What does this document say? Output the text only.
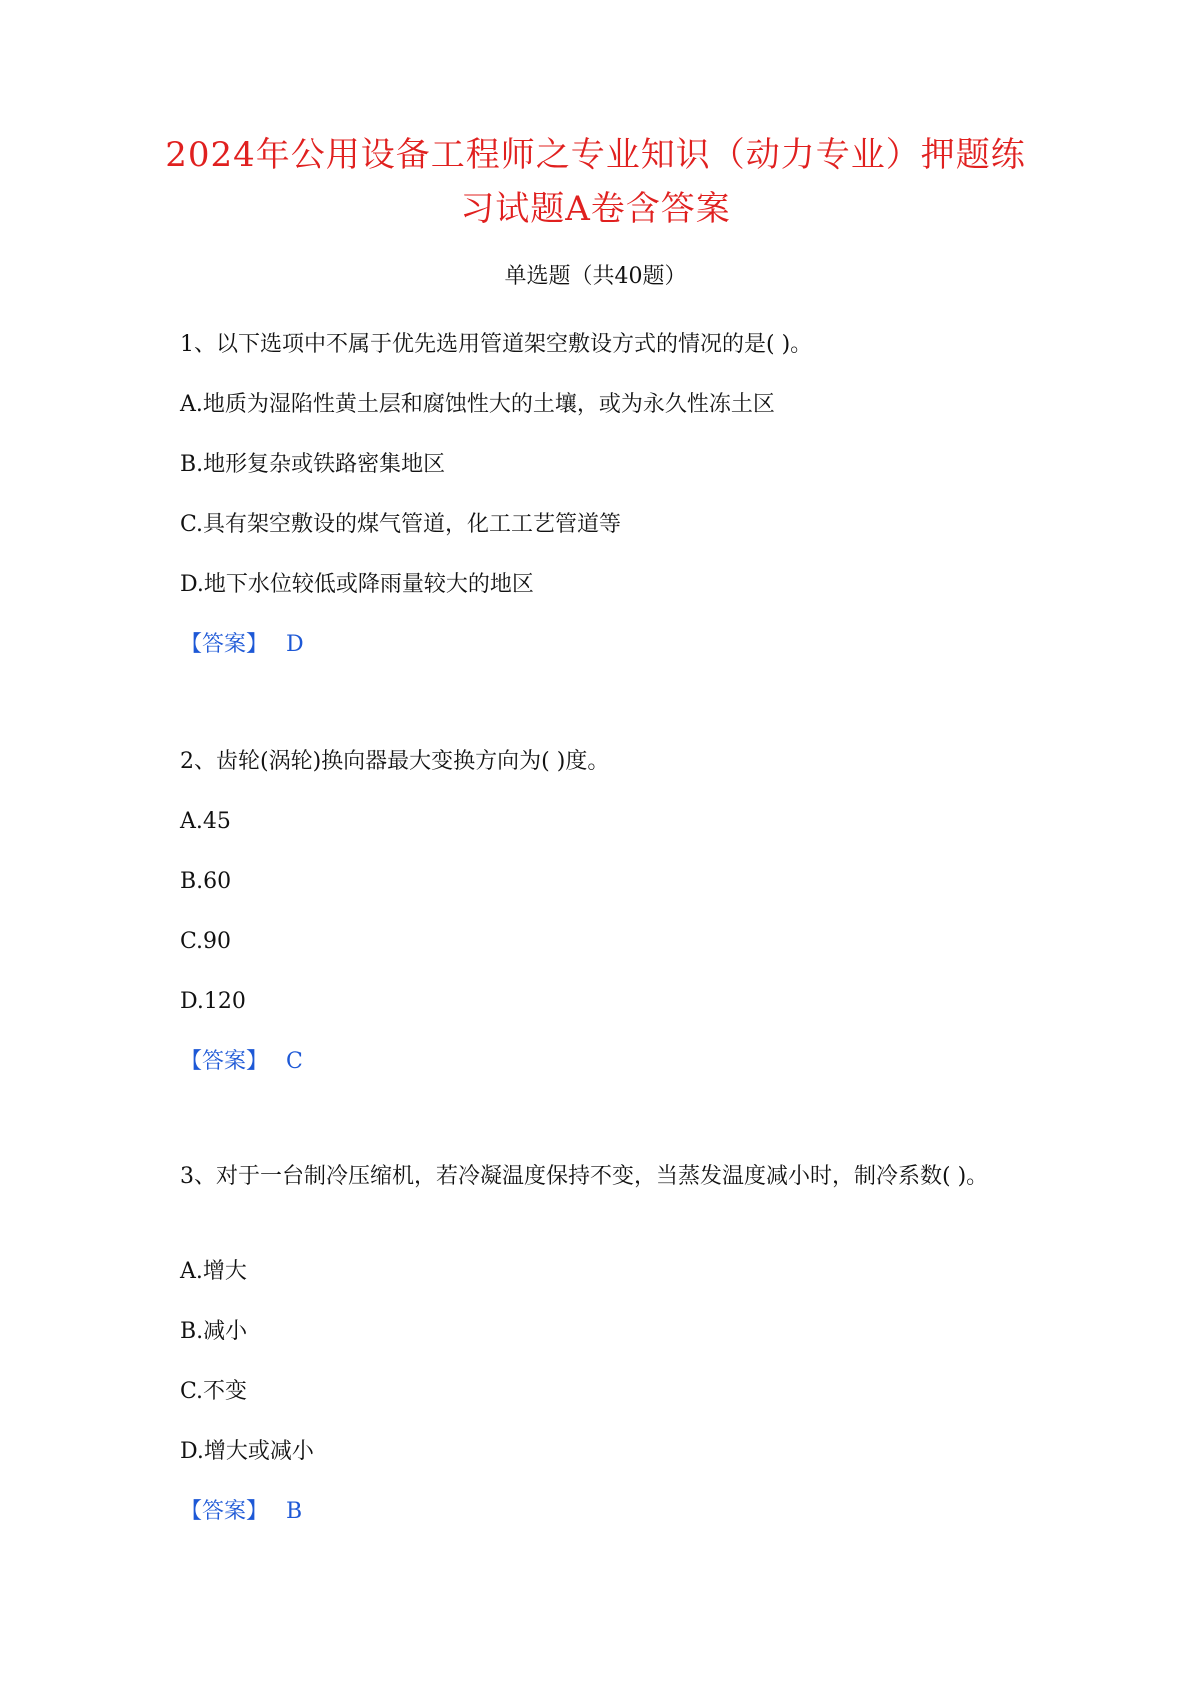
2024年公用设备工程师之专业知识（动力专业）押题练习试题A卷含答案
单选题（共40题）
1、以下选项中不属于优先选用管道架空敷设方式的情况的是( )。
A.地质为湿陷性黄土层和腐蚀性大的土壤，或为永久性冻土区
B.地形复杂或铁路密集地区
C.具有架空敷设的煤气管道，化工工艺管道等
D.地下水位较低或降雨量较大的地区
【答案】 D
2、齿轮(涡轮)换向器最大变换方向为( )度。
A.45
B.60
C.90
D.120
【答案】 C
3、对于一台制冷压缩机，若冷凝温度保持不变，当蒸发温度减小时，制冷系数( )。
A.增大
B.减小
C.不变
D.增大或减小
【答案】 B
